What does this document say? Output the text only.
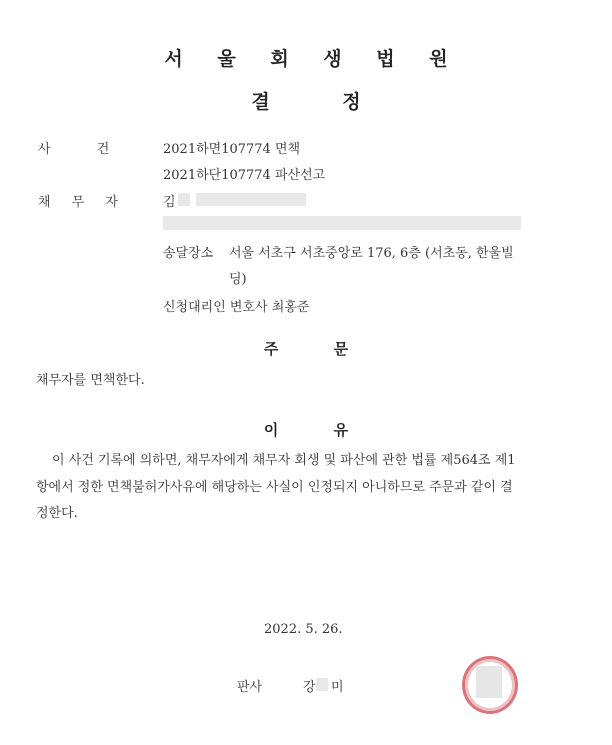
서 울 회 생 법 원
결 정
사 건	2021하면107774 면책
2021하단107774 파산선고
채 무 자	김
송달장소 서울 서초구 서초중앙로 176, 6층 (서초동, 한울빌
딩)
신청대리인 변호사 최홍준
주 문
채무자를 면책한다.
이 유
이 사건 기록에 의하면, 채무자에게 채무자 회생 및 파산에 관한 법률 제564조 제1
항에서 정한 면책불허가사유에 해당하는 사실이 인정되지 아니하므로 주문과 같이 결
정한다.
2022. 5. 26.
판사	강 미
